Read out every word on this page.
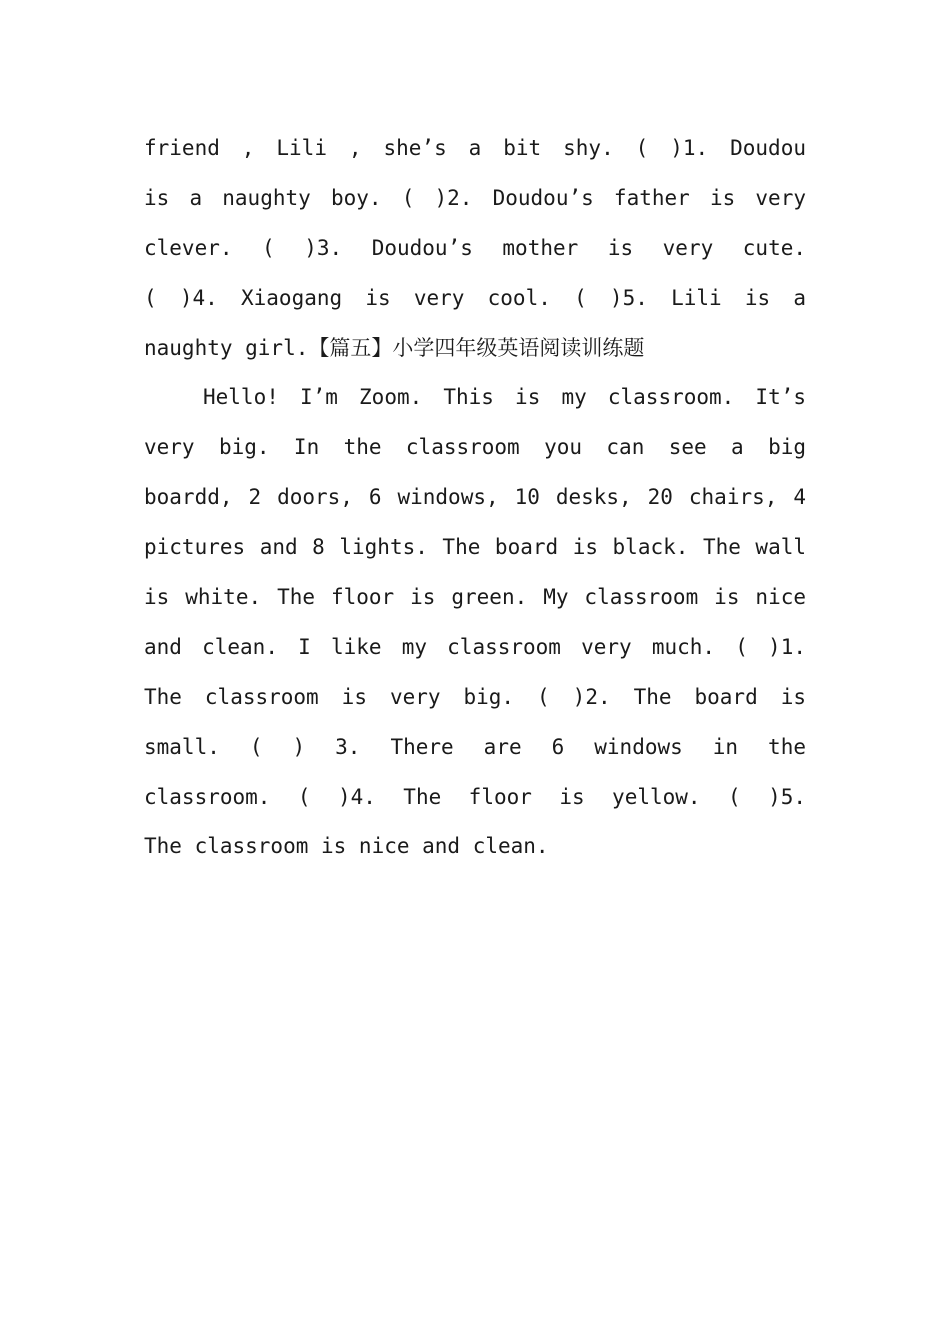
friend , Lili , she’s a bit shy. ( )1. Doudou
is a naughty boy. ( )2. Doudou’s father is very
clever. ( )3. Doudou’s mother is very cute.
( )4. Xiaogang is very cool. ( )5. Lili is a
naughty girl.【篇五】小学四年级英语阅读训练题
Hello! I’m Zoom. This is my classroom. It’s
very big. In the classroom you can see a big
boardd, 2 doors, 6 windows, 10 desks, 20 chairs, 4
pictures and 8 lights. The board is black. The wall
is white. The floor is green. My classroom is nice
and clean. I like my classroom very much. ( )1.
The classroom is very big. ( )2. The board is
small. ( ) 3. There are 6 windows in the
classroom. ( )4. The floor is yellow. ( )5.
The classroom is nice and clean.
